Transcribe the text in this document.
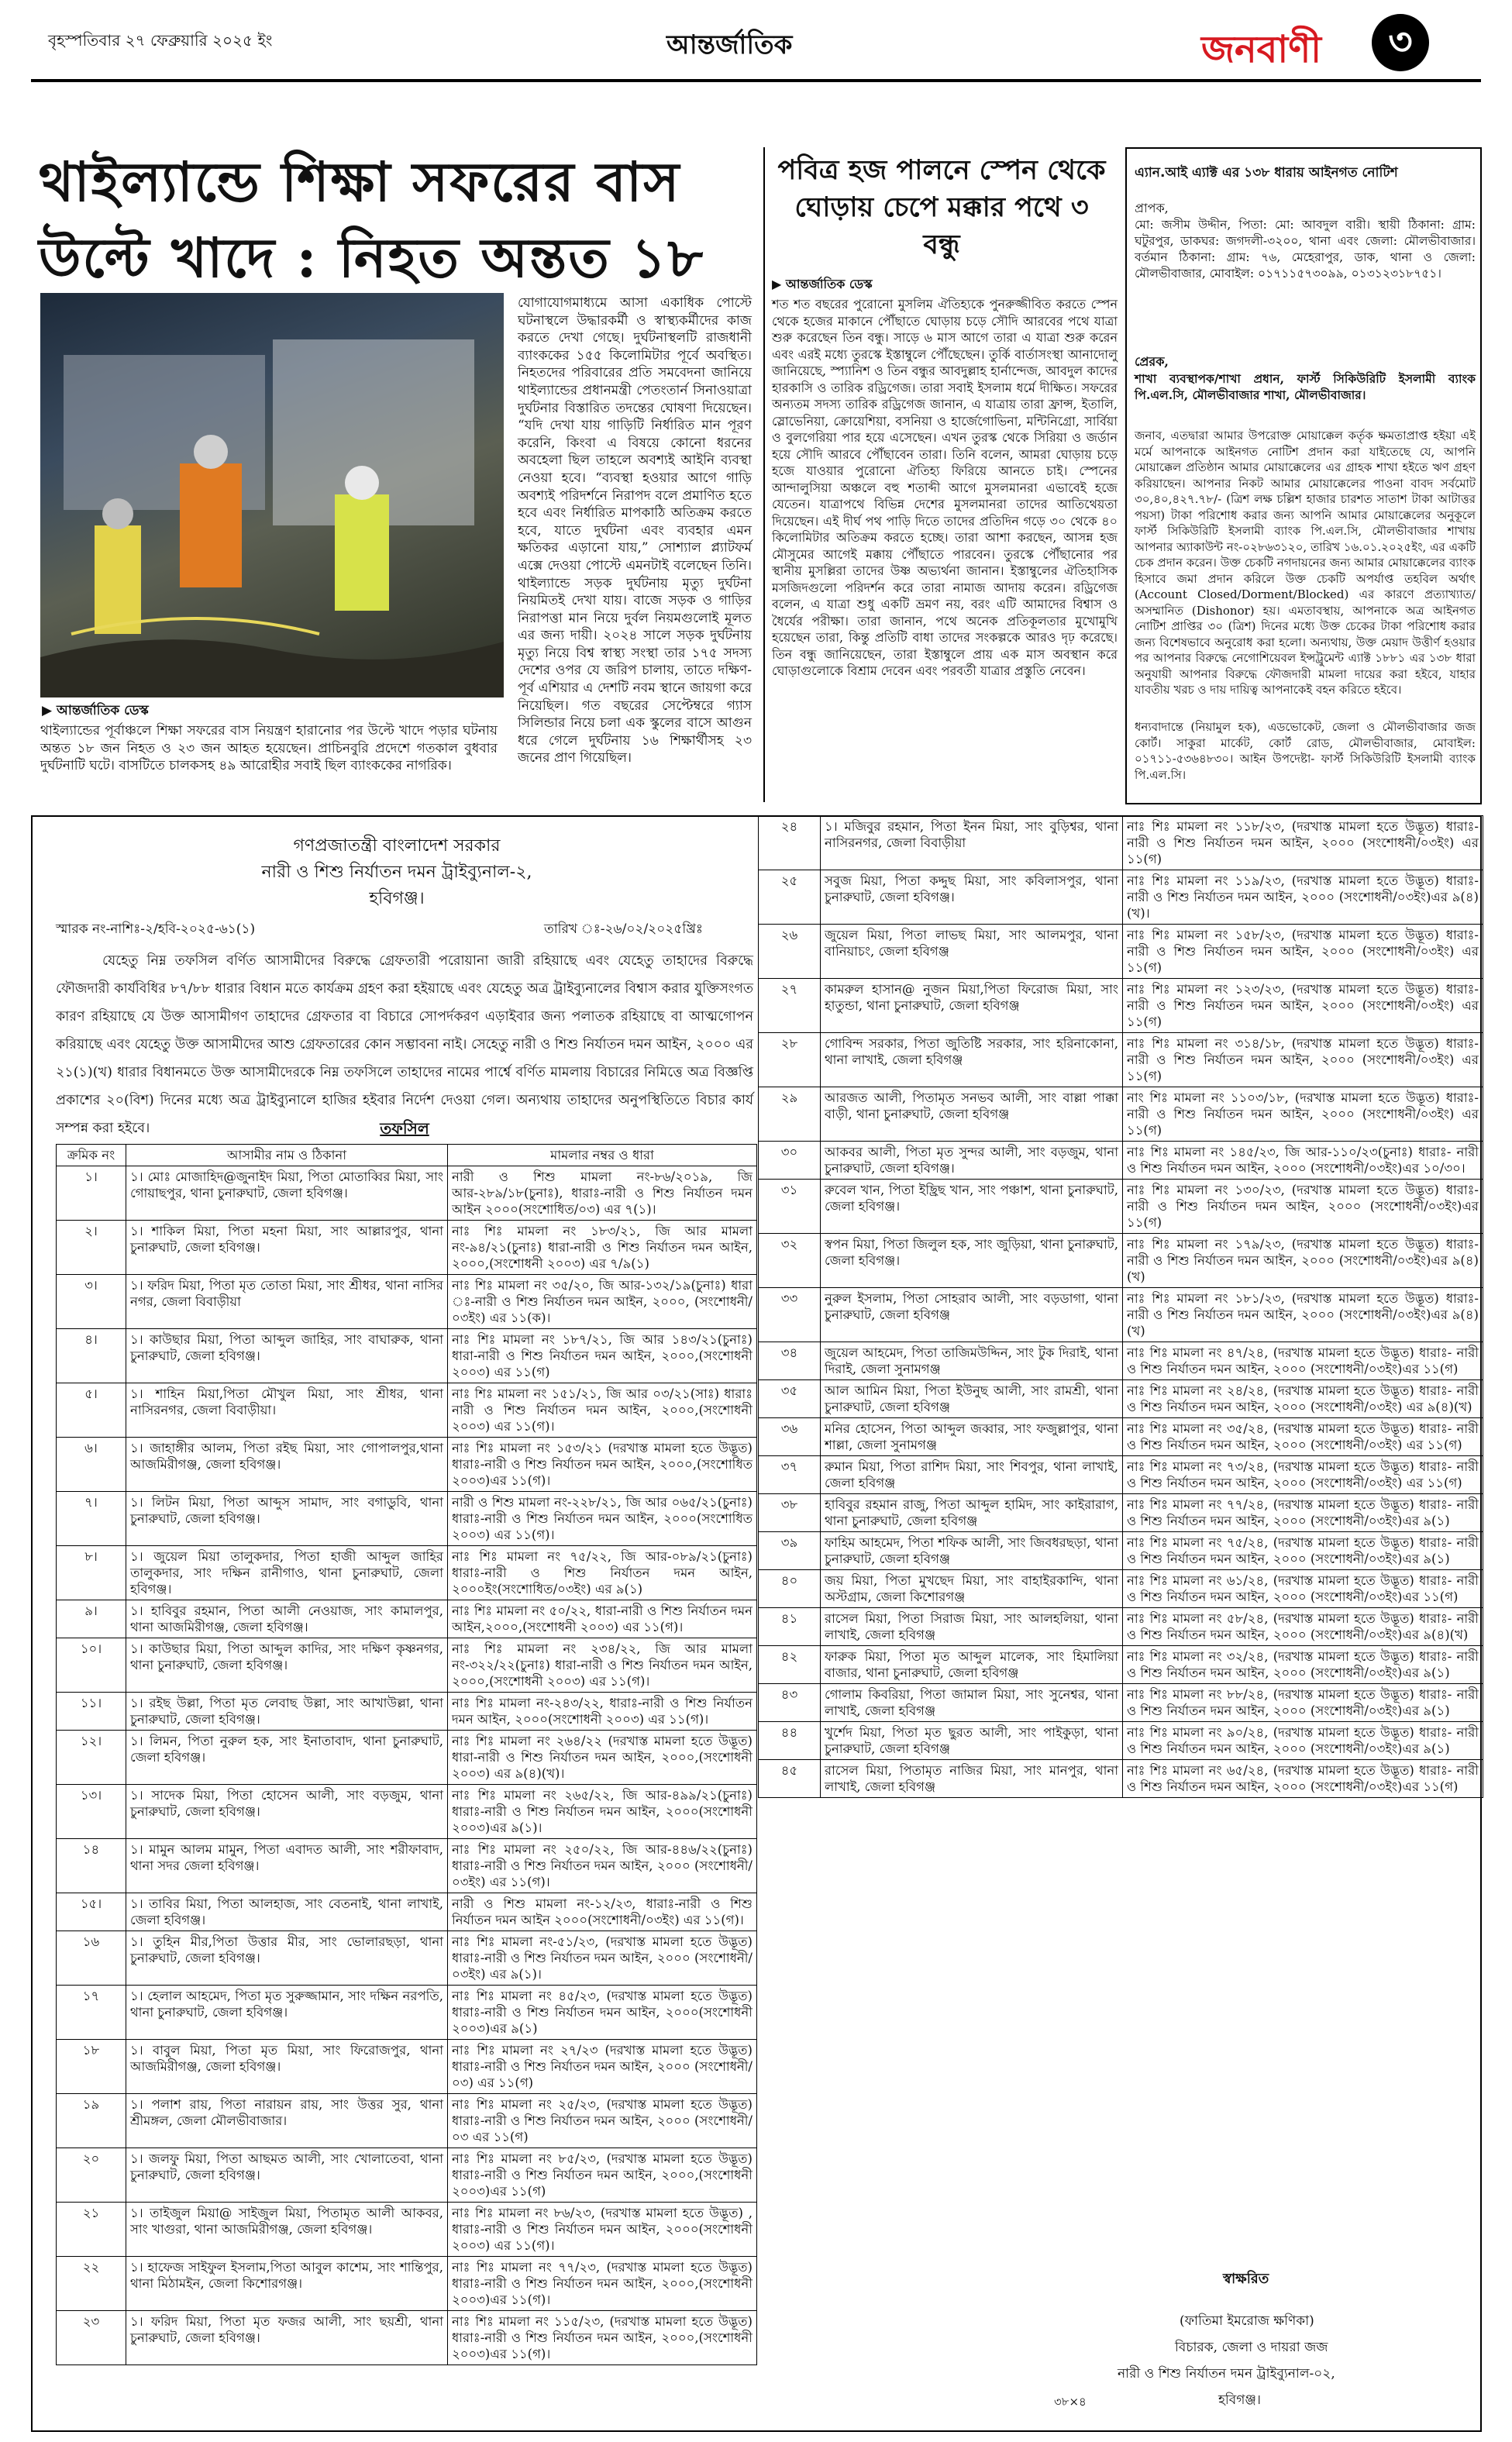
বৃহস্পতিবার ২৭ ফেব্রুয়ারি ২০২৫ ইং	আন্তর্জাতিক	জনবাণী	৩
থাইল্যান্ডে শিক্ষা সফরের বাস
উল্টে খাদে : নিহত অন্তত ১৮
▶ আন্তর্জাতিক ডেস্ক
থাইল্যান্ডের পূর্বাঞ্চলে শিক্ষা সফরের বাস নিয়ন্ত্রণ হারানোর পর উল্টে খাদে পড়ার ঘটনায় অন্তত ১৮ জন নিহত ও ২৩ জন আহত হয়েছেন। প্রাচিনবুরি প্রদেশে গতকাল বুধবার দুর্ঘটনাটি ঘটে। বাসটিতে চালকসহ ৪৯ আরোহীর সবাই ছিল ব্যাংককের নাগরিক।
যোগাযোগমাধ্যমে আসা একাধিক পোস্টে ঘটনাস্থলে উদ্ধারকর্মী ও স্বাস্থ্যকর্মীদের কাজ করতে দেখা গেছে। দুর্ঘটনাস্থলটি রাজধানী ব্যাংককের ১৫৫ কিলোমিটার পূর্বে অবস্থিত। নিহতদের পরিবারের প্রতি সমবেদনা জানিয়ে থাইল্যান্ডের প্রধানমন্ত্রী পেতংতার্ন সিনাওয়াত্রা দুর্ঘটনার বিস্তারিত তদন্তের ঘোষণা দিয়েছেন। “যদি দেখা যায় গাড়িটি নির্ধারিত মান পূরণ করেনি, কিংবা এ বিষয়ে কোনো ধরনের অবহেলা ছিল তাহলে অবশ্যই আইনি ব্যবস্থা নেওয়া হবে। “ব্যবস্থা হওয়ার আগে গাড়ি অবশ্যই পরিদর্শনে নিরাপদ বলে প্রমাণিত হতে হবে এবং নির্ধারিত মাপকাঠি অতিক্রম করতে হবে, যাতে দুর্ঘটনা এবং ব্যবহার এমন ক্ষতিকর এড়ানো যায়,” সোশ্যাল প্ল্যাটফর্ম এক্সে দেওয়া পোস্টে এমনটাই বলেছেন তিনি। থাইল্যান্ডে সড়ক দুর্ঘটনায় মৃত্যু দুর্ঘটনা নিয়মিতই দেখা যায়। বাজে সড়ক ও গাড়ির নিরাপত্তা মান নিয়ে দুর্বল নিয়মগুলোই মূলত এর জন্য দায়ী। ২০২৪ সালে সড়ক দুর্ঘটনায় মৃত্যু নিয়ে বিশ্ব স্বাস্থ্য সংস্থা তার ১৭৫ সদস্য দেশের ওপর যে জরিপ চালায়, তাতে দক্ষিণ-পূর্ব এশিয়ার এ দেশটি নবম স্থানে জায়গা করে নিয়েছিল। গত বছরের সেপ্টেম্বরে গ্যাস সিলিন্ডার নিয়ে চলা এক স্কুলের বাসে আগুন ধরে গেলে দুর্ঘটনায় ১৬ শিক্ষার্থীসহ ২৩ জনের প্রাণ গিয়েছিল।
পবিত্র হজ পালনে স্পেন থেকে ঘোড়ায় চেপে মক্কার পথে ৩ বন্ধু
▶ আন্তর্জাতিক ডেস্ক
শত শত বছরের পুরোনো মুসলিম ঐতিহ্যকে পুনরুজ্জীবিত করতে স্পেন থেকে হজের মাকানে পৌঁছাতে ঘোড়ায় চড়ে সৌদি আরবের পথে যাত্রা শুরু করেছেন তিন বন্ধু। সাড়ে ৬ মাস আগে তারা এ যাত্রা শুরু করেন এবং এরই মধ্যে তুরস্কে ইস্তাম্বুলে পৌঁছেছেন। তুর্কি বার্তাসংস্থা আনাদোলু জানিয়েছে, স্প্যানিশ ও তিন বন্ধুর আবদুল্লাহ হার্নান্দেজ, আবদুল কাদের হারকাসি ও তারিক রড্রিগেজ। তারা সবাই ইসলাম ধর্মে দীক্ষিত। সফরের অন্যতম সদস্য তারিক রড্রিগেজ জানান, এ যাত্রায় তারা ফ্রান্স, ইতালি, স্লোভেনিয়া, ক্রোয়েশিয়া, বসনিয়া ও হার্জেগোভিনা, মন্টিনিগ্রো, সার্বিয়া ও বুলগেরিয়া পার হয়ে এসেছেন। এখন তুরস্ক থেকে সিরিয়া ও জর্ডান হয়ে সৌদি আরবে পৌঁছাবেন তারা। তিনি বলেন, আমরা ঘোড়ায় চড়ে হজে যাওয়ার পুরোনো ঐতিহ্য ফিরিয়ে আনতে চাই। স্পেনের আন্দালুসিয়া অঞ্চলে বহু শতাব্দী আগে মুসলমানরা এভাবেই হজে যেতেন। যাত্রাপথে বিভিন্ন দেশের মুসলমানরা তাদের আতিথেয়তা দিয়েছেন। এই দীর্ঘ পথ পাড়ি দিতে তাদের প্রতিদিন গড়ে ৩০ থেকে ৪০ কিলোমিটার অতিক্রম করতে হচ্ছে। তারা আশা করছেন, আসন্ন হজ মৌসুমের আগেই মক্কায় পৌঁছাতে পারবেন। তুরস্কে পৌঁছানোর পর স্থানীয় মুসল্লিরা তাদের উষ্ণ অভ্যর্থনা জানান। ইস্তাম্বুলের ঐতিহাসিক মসজিদগুলো পরিদর্শন করে তারা নামাজ আদায় করেন। রড্রিগেজ বলেন, এ যাত্রা শুধু একটি ভ্রমণ নয়, বরং এটি আমাদের বিশ্বাস ও ধৈর্যের পরীক্ষা। তারা জানান, পথে অনেক প্রতিকূলতার মুখোমুখি হয়েছেন তারা, কিন্তু প্রতিটি বাধা তাদের সংকল্পকে আরও দৃঢ় করেছে। তিন বন্ধু জানিয়েছেন, তারা ইস্তাম্বুলে প্রায় এক মাস অবস্থান করে ঘোড়াগুলোকে বিশ্রাম দেবেন এবং পরবর্তী যাত্রার প্রস্তুতি নেবেন।
এ্যান.আই এ্যাক্ট এর ১৩৮ ধারায় আইনগত নোটিশ
প্রাপক,
মো: জসীম উদ্দীন, পিতা: মো: আবদুল বারী। স্থায়ী ঠিকানা: গ্রাম: ঘটুরপুর, ডাকঘর: জগদলী-৩২০০, থানা এবং জেলা: মৌলভীবাজার। বর্তমান ঠিকানা: গ্রাম: ৭৬, মেহেরাপুর, ডাক, থানা ও জেলা: মৌলভীবাজার, মোবাইল: ০১৭১১৫৭৩০৯৯, ০১৩১২৩১৮৭৫১।
প্রেরক,
শাখা ব্যবস্থাপক/শাখা প্রধান, ফার্স্ট সিকিউরিটি ইসলামী ব্যাংক পি.এল.সি, মৌলভীবাজার শাখা, মৌলভীবাজার।
জনাব, এতদ্বারা আমার উপরোক্ত মোয়াক্কেল কর্তৃক ক্ষমতাপ্রাপ্ত হইয়া এই মর্মে আপনাকে আইনগত নোটিশ প্রদান করা যাইতেছে যে, আপনি মোয়াক্কেল প্রতিষ্ঠান আমার মোয়াক্কেলের এর গ্রাহক শাখা হইতে ঋণ গ্রহণ করিয়াছেন। আপনার নিকট আমার মোয়াক্কেলের পাওনা বাবদ সর্বমোট ৩০,৪০,৪২৭.৭৮/- (ত্রিশ লক্ষ চল্লিশ হাজার চারশত সাতাশ টাকা আটাত্তর পয়সা) টাকা পরিশোধ করার জন্য আপনি আমার মোয়াক্কেলের অনুকূলে ফার্স্ট সিকিউরিটি ইসলামী ব্যাংক পি.এল.সি, মৌলভীবাজার শাখায় আপনার অ্যাকাউন্ট নং-০২৮৬৩১২০, তারিখ ১৬.০১.২০২৫ইং, এর একটি চেক প্রদান করেন। উক্ত চেকটি নগদায়নের জন্য আমার মোয়াক্কেলের ব্যাংক হিসাবে জমা প্রদান করিলে উক্ত চেকটি অপর্যাপ্ত তহবিল অর্থাৎ (Account Closed/Dorment/Blocked) এর কারণে প্রত্যাখ্যাত/অসম্মানিত (Dishonor) হয়। এমতাবস্থায়, আপনাকে অত্র আইনগত নোটিশ প্রাপ্তির ৩০ (ত্রিশ) দিনের মধ্যে উক্ত চেকের টাকা পরিশোধ করার জন্য বিশেষভাবে অনুরোধ করা হলো। অন্যথায়, উক্ত মেয়াদ উত্তীর্ণ হওয়ার পর আপনার বিরুদ্ধে নেগোশিয়েবল ইন্সট্রুমেন্ট এ্যাক্ট ১৮৮১ এর ১৩৮ ধারা অনুযায়ী আপনার বিরুদ্ধে ফৌজদারী মামলা দায়ের করা হইবে, যাহার যাবতীয় খরচ ও দায় দায়িত্ব আপনাকেই বহন করিতে হইবে।
ধন্যবাদান্তে (নিয়ামুল হক), এডভোকেট, জেলা ও মৌলভীবাজার জজ কোর্ট। সাকুরা মার্কেট, কোর্ট রোড, মৌলভীবাজার, মোবাইল: ০১৭১১-৫৩৬৪৮৩০। আইন উপদেষ্টা- ফার্স্ট সিকিউরিটি ইসলামী ব্যাংক পি.এল.সি।
গণপ্রজাতন্ত্রী বাংলাদেশ সরকার
নারী ও শিশু নির্যাতন দমন ট্রাইব্যুনাল-২,
হবিগঞ্জ।
স্মারক নং-নাশিঃ-২/হবি-২০২৫-৬১(১)	তারিখ ঃ-২৬/০২/২০২৫খ্রিঃ
যেহেতু নিম্ন তফসিল বর্ণিত আসামীদের বিরুদ্ধে গ্রেফতারী পরোয়ানা জারী রহিয়াছে এবং যেহেতু তাহাদের বিরুদ্ধে ফৌজদারী কার্যবিধির ৮৭/৮৮ ধারার বিধান মতে কার্যক্রম গ্রহণ করা হইয়াছে এবং যেহেতু অত্র ট্রাইব্যুনালের বিশ্বাস করার যুক্তিসংগত কারণ রহিয়াছে যে উক্ত আসামীগণ তাহাদের গ্রেফতার বা বিচারে সোপর্দকরণ এড়াইবার জন্য পলাতক রহিয়াছে বা আত্মগোপন করিয়াছে এবং যেহেতু উক্ত আসামীদের আশু গ্রেফতারের কোন সম্ভাবনা নাই। সেহেতু নারী ও শিশু নির্যাতন দমন আইন, ২০০০ এর ২১(১)(খ) ধারার বিধানমতে উক্ত আসামীদেরকে নিম্ন তফসিলে তাহাদের নামের পার্শ্বে বর্ণিত মামলায় বিচারের নিমিত্তে অত্র বিজ্ঞপ্তি প্রকাশের ২০(বিশ) দিনের মধ্যে অত্র ট্রাইব্যুনালে হাজির হইবার নির্দেশ দেওয়া গেল। অন্যথায় তাহাদের অনুপস্থিতিতে বিচার কার্য সম্পন্ন করা হইবে।	তফসিল
ক্রমিক নং	আসামীর নাম ও ঠিকানা	মামলার নম্বর ও ধারা
১।	১। মোঃ মোজাহিদ@জুনাইদ মিয়া, পিতা মোতাব্বির মিয়া, সাং গোয়াছপুর, থানা চুনারুঘাট, জেলা হবিগঞ্জ।	নারী ও শিশু মামলা নং-৮৬/২০১৯, জি আর-২৮৯/১৮(চুনাঃ), ধারাঃ-নারী ও শিশু নির্যাতন দমন আইন ২০০০(সংশোধিত/০৩) এর ৭(১)।
২।	১। শাকিল মিয়া, পিতা মহনা মিয়া, সাং আল্লারপুর, থানা চুনারুঘাট, জেলা হবিগঞ্জ।	নাঃ শিঃ মামলা নং ১৮৩/২১, জি আর মামলা নং-৯৪/২১(চুনাঃ) ধারা-নারী ও শিশু নির্যাতন দমন আইন, ২০০০,(সংশোধনী ২০০৩) এর ৭/৯(১)
৩।	১। ফরিদ মিয়া, পিতা মৃত তোতা মিয়া, সাং শ্রীধর, থানা নাসির নগর, জেলা বিবাড়ীয়া	নাঃ শিঃ মামলা নং ৩৫/২০, জি আর-১৩২/১৯(চুনাঃ) ধারা ঃ-নারী ও শিশু নির্যাতন দমন আইন, ২০০০, (সংশোধনী/০৩ইং) এর ১১(ক)।
৪।	১। কাউছার মিয়া, পিতা আব্দুল জাহির, সাং বাঘারুক, থানা চুনারুঘাট, জেলা হবিগঞ্জ।	নাঃ শিঃ মামলা নং ১৮৭/২১, জি আর ১৪৩/২১(চুনাঃ) ধারা-নারী ও শিশু নির্যাতন দমন আইন, ২০০০,(সংশোধনী ২০০৩) এর ১১(গ)
৫।	১। শাহিন মিয়া,পিতা মৌখুল মিয়া, সাং শ্রীধর, থানা নাসিরনগর, জেলা বিবাড়ীয়া।	নাঃ শিঃ মামলা নং ১৫১/২১, জি আর ০৩/২১(সাঃ) ধারাঃ নারী ও শিশু নির্যাতন দমন আইন, ২০০০,(সংশোধনী ২০০৩) এর ১১(গ)।
৬।	১। জাহাঙ্গীর আলম, পিতা রইছ মিয়া, সাং গোপালপুর,থানা আজমিরীগঞ্জ, জেলা হবিগঞ্জ।	নাঃ শিঃ মামলা নং ১৫৩/২১ (দরখাস্ত মামলা হতে উদ্ভূত) ধারাঃ-নারী ও শিশু নির্যাতন দমন আইন, ২০০০,(সংশোধিত ২০০৩)এর ১১(গ)।
৭।	১। লিটন মিয়া, পিতা আব্দুস সামাদ, সাং বগাডুবি, থানা চুনারুঘাট, জেলা হবিগঞ্জ।	নারী ও শিশু মামলা নং-২২৮/২১, জি আর ০৬৫/২১(চুনাঃ) ধারাঃ-নারী ও শিশু নির্যাতন দমন আইন, ২০০০(সংশোধিত ২০০৩) এর ১১(গ)।
৮।	১। জুয়েল মিয়া তালুকদার, পিতা হাজী আব্দুল জাহির তালুকদার, সাং দক্ষিন রানীগাও, থানা চুনারুঘাট, জেলা হবিগঞ্জ।	নাঃ শিঃ মামলা নং ৭৫/২২, জি আর-০৮৯/২১(চুনাঃ) ধারাঃ-নারী ও শিশু নির্যাতন দমন আইন, ২০০০ইং(সংশোধিত/০৩ইং) এর ৯(১)
৯।	১। হাবিবুর রহমান, পিতা আলী নেওয়াজ, সাং কামালপুর, থানা আজমিরীগঞ্জ, জেলা হবিগঞ্জ।	নাঃ শিঃ মামলা নং ৫০/২২, ধারা-নারী ও শিশু নির্যাতন দমন আইন,২০০০,(সংশোধনী ২০০৩) এর ১১(গ)।
১০।	১। কাউছার মিয়া, পিতা আব্দুল কাদির, সাং দক্ষিণ কৃষ্ণনগর, থানা চুনারুঘাট, জেলা হবিগঞ্জ।	নাঃ শিঃ মামলা নং ২৩৪/২২, জি আর মামলা নং-৩২২/২২(চুনাঃ) ধারা-নারী ও শিশু নির্যাতন দমন আইন, ২০০০,(সংশোধনী ২০০৩) এর ১১(গ)।
১১।	১। রইছ উল্লা, পিতা মৃত লেবাছ উল্লা, সাং আখাউল্লা, থানা চুনারুঘাট, জেলা হবিগঞ্জ।	নাঃ শিঃ মামলা নং-২৪৩/২২, ধারাঃ-নারী ও শিশু নির্যাতন দমন আইন, ২০০০(সংশোধনী ২০০৩) এর ১১(গ)।
১২।	১। লিমন, পিতা নুরুল হক, সাং ইনাতাবাদ, থানা চুনারুঘাট, জেলা হবিগঞ্জ।	নাঃ শিঃ মামলা নং ২৬৪/২২ (দরখাস্ত মামলা হতে উদ্ভূত) ধারা-নারী ও শিশু নির্যাতন দমন আইন, ২০০০,(সংশোধনী ২০০৩) এর ৯(৪)(খ)।
১৩।	১। সাদেক মিয়া, পিতা হোসেন আলী, সাং বড়জুম, থানা চুনারুঘাট, জেলা হবিগঞ্জ।	নাঃ শিঃ মামলা নং ২৬৫/২২, জি আর-৪৯৯/২১(চুনাঃ) ধারাঃ-নারী ও শিশু নির্যাতন দমন আইন, ২০০০(সংশোধনী ২০০৩)এর ৯(১)।
১৪	১। মামুন আলম মামুন, পিতা এবাদত আলী, সাং শরীফাবাদ, থানা সদর জেলা হবিগঞ্জ।	নাঃ শিঃ মামলা নং ২৫০/২২, জি আর-৪৪৬/২২(চুনাঃ) ধারাঃ-নারী ও শিশু নির্যাতন দমন আইন, ২০০০ (সংশোধনী/০৩ইং) এর ১১(গ)।
১৫।	১। তাবির মিয়া, পিতা আলহাজ, সাং বেতনাই, থানা লাখাই, জেলা হবিগঞ্জ।	নারী ও শিশু মামলা নং-১২/২৩, ধারাঃ-নারী ও শিশু নির্যাতন দমন আইন ২০০০(সংশোধনী/০৩ইং) এর ১১(গ)।
১৬	১। তুহিন মীর,পিতা উত্তার মীর, সাং ভোলারছড়া, থানা চুনারুঘাট, জেলা হবিগঞ্জ।	নাঃ শিঃ মামলা নং-৫১/২৩, (দরখাস্ত মামলা হতে উদ্ভূত) ধারাঃ-নারী ও শিশু নির্যাতন দমন আইন, ২০০০ (সংশোধনী/০৩ইং) এর ৯(১)।
১৭	১। হেলাল আহমেদ, পিতা মৃত সুরুজ্জামান, সাং দক্ষিন নরপতি, থানা চুনারুঘাট, জেলা হবিগঞ্জ।	নাঃ শিঃ মামলা নং ৪৫/২৩, (দরখাস্ত মামলা হতে উদ্ভূত) ধারাঃ-নারী ও শিশু নির্যাতন দমন আইন, ২০০০(সংশোধনী ২০০৩)এর ৯(১)
১৮	১। বাবুল মিয়া, পিতা মৃত মিয়া, সাং ফিরোজপুর, থানা আজমিরীগঞ্জ, জেলা হবিগঞ্জ।	নাঃ শিঃ মামলা নং ২৭/২৩ (দরখাস্ত মামলা হতে উদ্ভূত) ধারাঃ-নারী ও শিশু নির্যাতন দমন আইন, ২০০০ (সংশোধনী/০৩) এর ১১(গ)
১৯	১। পলাশ রায়, পিতা নারায়ন রায়, সাং উত্তর সুর, থানা শ্রীমঙ্গল, জেলা মৌলভীবাজার।	নাঃ শিঃ মামলা নং ২৫/২৩, (দরখাস্ত মামলা হতে উদ্ভূত) ধারাঃ-নারী ও শিশু নির্যাতন দমন আইন, ২০০০ (সংশোধনী/০৩ এর ১১(গ)
২০	১। জলফু মিয়া, পিতা আছমত আলী, সাং খোলাতেবা, থানা চুনারুঘাট, জেলা হবিগঞ্জ।	নাঃ শিঃ মামলা নং ৮৫/২৩, (দরখাস্ত মামলা হতে উদ্ভূত) ধারাঃ-নারী ও শিশু নির্যাতন দমন আইন, ২০০০,(সংশোধনী ২০০৩)এর ১১(গ)
২১	১। তাইজুল মিয়া@ সাইজুল মিয়া, পিতামৃত আলী আকবর, সাং খাগুরা, থানা আজমিরীগঞ্জ, জেলা হবিগঞ্জ।	নাঃ শিঃ মামলা নং ৮৬/২৩, (দরখাস্ত মামলা হতে উদ্ভূত) , ধারাঃ-নারী ও শিশু নির্যাতন দমন আইন, ২০০০(সংশোধনী ২০০৩) এর ১১(গ)।
২২	১। হাফেজ সাইফুল ইসলাম,পিতা আবুল কাশেম, সাং শান্তিপুর, থানা মিঠামইন, জেলা কিশোরগঞ্জ।	নাঃ শিঃ মামলা নং ৭৭/২৩, (দরখাস্ত মামলা হতে উদ্ভূত) ধারাঃ-নারী ও শিশু নির্যাতন দমন আইন, ২০০০,(সংশোধনী ২০০৩)এর ১১(গ)।
২৩	১। ফরিদ মিয়া, পিতা মৃত ফজর আলী, সাং ছয়শ্রী, থানা চুনারুঘাট, জেলা হবিগঞ্জ।	নাঃ শিঃ মামলা নং ১১৫/২৩, (দরখাস্ত মামলা হতে উদ্ভূত) ধারাঃ-নারী ও শিশু নির্যাতন দমন আইন, ২০০০,(সংশোধনী ২০০৩)এর ১১(গ)।
২৪	১। মজিবুর রহমান, পিতা ইনন মিয়া, সাং বুড়িশ্বর, থানা নাসিরনগর, জেলা বিবাড়ীয়া	নাঃ শিঃ মামলা নং ১১৮/২৩, (দরখাস্ত মামলা হতে উদ্ভূত) ধারাঃ- নারী ও শিশু নির্যাতন দমন আইন, ২০০০ (সংশোধনী/০৩ইং) এর ১১(গ)
২৫	সবুজ মিয়া, পিতা কদ্দুছ মিয়া, সাং কবিলাসপুর, থানা চুনারুঘাট, জেলা হবিগঞ্জ।	নাঃ শিঃ মামলা নং ১১৯/২৩, (দরখাস্ত মামলা হতে উদ্ভূত) ধারাঃ- নারী ও শিশু নির্যাতন দমন আইন, ২০০০ (সংশোধনী/০৩ইং)এর ৯(৪)(খ)।
২৬	জুয়েল মিয়া, পিতা লাভছ মিয়া, সাং আলমপুর, থানা বানিয়াচং, জেলা হবিগঞ্জ	নাঃ শিঃ মামলা নং ১৫৮/২৩, (দরখাস্ত মামলা হতে উদ্ভূত) ধারাঃ- নারী ও শিশু নির্যাতন দমন আইন, ২০০০ (সংশোধনী/০৩ইং) এর ১১(গ)
২৭	কামরুল হাসান@ নুজন মিয়া,পিতা ফিরোজ মিয়া, সাং হাতুন্ডা, থানা চুনারুঘাট, জেলা হবিগঞ্জ	নাঃ শিঃ মামলা নং ১২৩/২৩, (দরখাস্ত মামলা হতে উদ্ভূত) ধারাঃ- নারী ও শিশু নির্যাতন দমন আইন, ২০০০ (সংশোধনী/০৩ইং) এর ১১(গ)
২৮	গোবিন্দ সরকার, পিতা জুতিষ্টি সরকার, সাং হরিনাকোনা, থানা লাখাই, জেলা হবিগঞ্জ	নাঃ শিঃ মামলা নং ৩১৪/১৮, (দরখাস্ত মামলা হতে উদ্ভূত) ধারাঃ- নারী ও শিশু নির্যাতন দমন আইন, ২০০০ (সংশোধনী/০৩ইং) এর ১১(গ)
২৯	আরজত আলী, পিতামৃত সনভব আলী, সাং বাল্লা পাক্কা বাড়ী, থানা চুনারুঘাট, জেলা হবিগঞ্জ	নাং শিঃ মামলা নং ১১০৩/১৮, (দরখাস্ত মামলা হতে উদ্ভূত) ধারাঃ- নারী ও শিশু নির্যাতন দমন আইন, ২০০০ (সংশোধনী/০৩ইং) এর ১১(গ)
৩০	আকবর আলী, পিতা মৃত সুন্দর আলী, সাং বড়জুম, থানা চুনারুঘাট, জেলা হবিগঞ্জ।	নাঃ শিঃ মামলা নং ১৪৫/২৩, জি আর-১১০/২৩(চুনাঃ) ধারাঃ- নারী ও শিশু নির্যাতন দমন আইন, ২০০০ (সংশোধনী/০৩ইং)এর ১০/৩০।
৩১	রুবেল খান, পিতা ইছ্রিছ খান, সাং পঞ্চাশ, থানা চুনারুঘাট, জেলা হবিগঞ্জ।	নাঃ শিঃ মামলা নং ১৩০/২৩, (দরখাস্ত মামলা হতে উদ্ভূত) ধারাঃ- নারী ও শিশু নির্যাতন দমন আইন, ২০০০ (সংশোধনী/০৩ইং)এর ১১(গ)
৩২	স্বপন মিয়া, পিতা জিলুল হক, সাং জুড়িয়া, থানা চুনারুঘাট, জেলা হবিগঞ্জ।	নাঃ শিঃ মামলা নং ১৭৯/২৩, (দরখাস্ত মামলা হতে উদ্ভূত) ধারাঃ- নারী ও শিশু নির্যাতন দমন আইন, ২০০০ (সংশোধনী/০৩ইং)এর ৯(৪)(খ)
৩৩	নুরুল ইসলাম, পিতা সোহরাব আলী, সাং বড়ডাগা, থানা চুনারুঘাট, জেলা হবিগঞ্জ	নাঃ শিঃ মামলা নং ১৮১/২৩, (দরখাস্ত মামলা হতে উদ্ভূত) ধারাঃ- নারী ও শিশু নির্যাতন দমন আইন, ২০০০ (সংশোধনী/০৩ইং)এর ৯(৪)(খ)
৩৪	জুয়েল আহমেদ, পিতা তাজিমউদ্দিন, সাং টুক দিরাই, থানা দিরাই, জেলা সুনামগঞ্জ	নাঃ শিঃ মামলা নং ৪৭/২৪, (দরখাস্ত মামলা হতে উদ্ভূত) ধারাঃ- নারী ও শিশু নির্যাতন দমন আইন, ২০০০ (সংশোধনী/০৩ইং)এর ১১(গ)
৩৫	আল আমিন মিয়া, পিতা ইউনুছ আলী, সাং রামশ্রী, থানা চুনারুঘাট, জেলা হবিগঞ্জ	নাঃ শিঃ মামলা নং ২৪/২৪, (দরখাস্ত মামলা হতে উদ্ভূত) ধারাঃ- নারী ও শিশু নির্যাতন দমন আইন, ২০০০ (সংশোধনী/০৩ইং) এর ৯(৪)(খ)
৩৬	মনির হোসেন, পিতা আব্দুল জব্বার, সাং ফজুল্লাপুর, থানা শাল্লা, জেলা সুনামগঞ্জ	নাঃ শিঃ মামলা নং ৩৫/২৪, (দরখাস্ত মামলা হতে উদ্ভূত) ধারাঃ- নারী ও শিশু নির্যাতন দমন আইন, ২০০০ (সংশোধনী/০৩ইং) এর ১১(গ)
৩৭	রুমান মিয়া, পিতা রাশিদ মিয়া, সাং শিবপুর, থানা লাখাই, জেলা হবিগঞ্জ	নাঃ শিঃ মামলা নং ৭৩/২৪, (দরখাস্ত মামলা হতে উদ্ভূত) ধারাঃ- নারী ও শিশু নির্যাতন দমন আইন, ২০০০ (সংশোধনী/০৩ইং) এর ১১(গ)
৩৮	হাবিবুর রহমান রাজু, পিতা আব্দুল হামিদ, সাং কাইরারাগ, থানা চুনারুঘাট, জেলা হবিগঞ্জ	নাঃ শিঃ মামলা নং ৭৭/২৪, (দরখাস্ত মামলা হতে উদ্ভূত) ধারাঃ- নারী ও শিশু নির্যাতন দমন আইন, ২০০০ (সংশোধনী/০৩ইং)এর ৯(১)
৩৯	ফাহিম আহমেদ, পিতা শফিক আলী, সাং জিবধরছড়া, থানা চুনারুঘাট, জেলা হবিগঞ্জ	নাঃ শিঃ মামলা নং ৭৫/২৪, (দরখাস্ত মামলা হতে উদ্ভূত) ধারাঃ- নারী ও শিশু নির্যাতন দমন আইন, ২০০০ (সংশোধনী/০৩ইং)এর ৯(১)
৪০	জয় মিয়া, পিতা মুখছেদ মিয়া, সাং বাহাইরকান্দি, থানা অস্টগ্রাম, জেলা কিশোরগঞ্জ	নাঃ শিঃ মামলা নং ৬১/২৪, (দরখাস্ত মামলা হতে উদ্ভূত) ধারাঃ- নারী ও শিশু নির্যাতন দমন আইন, ২০০০ (সংশোধনী/০৩ইং)এর ১১(গ)
৪১	রাসেল মিয়া, পিতা সিরাজ মিয়া, সাং আলহলিয়া, থানা লাখাই, জেলা হবিগঞ্জ	নাঃ শিঃ মামলা নং ৫৮/২৪, (দরখাস্ত মামলা হতে উদ্ভূত) ধারাঃ- নারী ও শিশু নির্যাতন দমন আইন, ২০০০ (সংশোধনী/০৩ইং)এর ৯(৪)(খ)
৪২	ফারুক মিয়া, পিতা মৃত আব্দুল মালেক, সাং হিমালিয়া বাজার, থানা চুনারুঘাট, জেলা হবিগঞ্জ	নাঃ শিঃ মামলা নং ৩২/২৪, (দরখাস্ত মামলা হতে উদ্ভূত) ধারাঃ- নারী ও শিশু নির্যাতন দমন আইন, ২০০০ (সংশোধনী/০৩ইং)এর ৯(১)
৪৩	গোলাম কিবরিয়া, পিতা জামাল মিয়া, সাং সুনেশ্বর, থানা লাখাই, জেলা হবিগঞ্জ	নাঃ শিঃ মামলা নং ৮৮/২৪, (দরখাস্ত মামলা হতে উদ্ভূত) ধারাঃ- নারী ও শিশু নির্যাতন দমন আইন, ২০০০ (সংশোধনী/০৩ইং)এর ৯(১)
৪৪	খুর্শেদ মিয়া, পিতা মৃত ছুরত আলী, সাং পাইকুড়া, থানা চুনারুঘাট, জেলা হবিগঞ্জ	নাঃ শিঃ মামলা নং ৯০/২৪, (দরখাস্ত মামলা হতে উদ্ভূত) ধারাঃ- নারী ও শিশু নির্যাতন দমন আইন, ২০০০ (সংশোধনী/০৩ইং)এর ৯(১)
৪৫	রাসেল মিয়া, পিতামৃত নাজির মিয়া, সাং মানপুর, থানা লাখাই, জেলা হবিগঞ্জ	নাঃ শিঃ মামলা নং ৬৫/২৪, (দরখাস্ত মামলা হতে উদ্ভূত) ধারাঃ- নারী ও শিশু নির্যাতন দমন আইন, ২০০০ (সংশোধনী/০৩ইং)এর ১১(গ)
স্বাক্ষরিত
(ফাতিমা ইমরোজ ক্ষণিকা)
বিচারক, জেলা ও দায়রা জজ
নারী ও শিশু নির্যাতন দমন ট্রাইব্যুনাল-০২,
হবিগঞ্জ।
৩৮×৪
